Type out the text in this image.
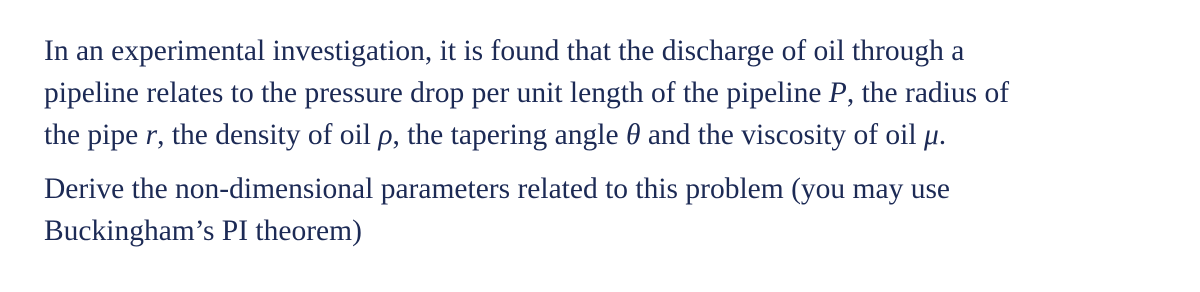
In an experimental investigation, it is found that the discharge of oil through a
pipeline relates to the pressure drop per unit length of the pipeline P, the radius of
the pipe r, the density of oil ρ, the tapering angle θ and the viscosity of oil μ.

Derive the non-dimensional parameters related to this problem (you may use
Buckingham’s PI theorem)
